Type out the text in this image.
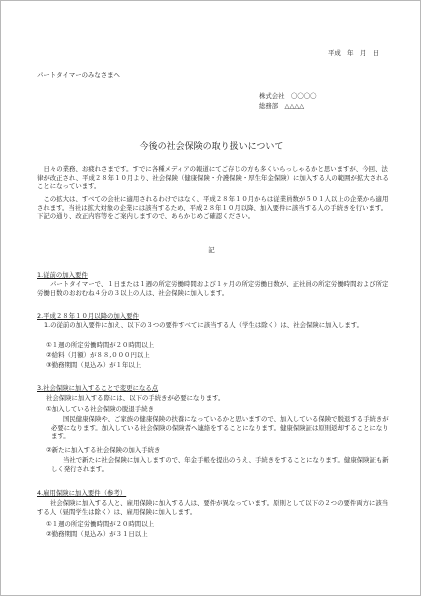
平成　年　月　日
パートタイマーのみなさまへ
株式会社　〇〇〇〇
総務部　△△△△
今後の社会保険の取り扱いについて
日々の業務、お疲れさまです。すでに各種メディアの報道にてご存じの方も多くいらっしゃるかと思いますが、今回、法律が改正され、平成２８年１０月より、社会保険（健康保険・介護保険・厚生年金保険）に加入する人の範囲が拡大されることになっています。
この拡大は、すべての会社に適用されるわけではなく、平成２８年１０月からは従業員数が５０１人以上の企業から適用されます。当社は拡大対象の企業には該当するため、平成２８年１０月以降、加入要件に該当する人の手続きを行います。下記の通り、改正内容等をご案内しますので、あらかじめご確認ください。
記
1.従前の加入要件
パートタイマーで、１日または１週の所定労働時間および１ヶ月の所定労働日数が、正社員の所定労働時間および所定労働日数のおおむね４分の３以上の人は、社会保険に加入します。
2.平成２８年１０月以降の加入要件
1.の従前の加入要件に加え、以下の３つの要件すべてに該当する人（学生は除く）は、社会保険に加入します。
①１週の所定労働時間が２０時間以上
②給料（月額）が８８,０００円以上
③勤務期間（見込み）が１年以上
3.社会保険に加入することで変更になる点
社会保険に加入する際には、以下の手続きが必要になります。
①加入している社会保険の脱退手続き
国民健康保険や、ご家族の健康保険の扶養になっているかと思いますので、加入している保険で脱退する手続きが必要になります。加入している社会保険の保険者へ連絡をすることになります。健康保険証は原則返却することになります。
②新たに加入する社会保険の加入手続き
当社で新たに社会保険に加入しますので、年金手帳を提出のうえ、手続きをすることになります。健康保険証も新しく発行されます。
4.雇用保険に加入要件（参考）
社会保険に加入する人と、雇用保険に加入する人は、要件が異なっています。原則として以下の２つの要件両方に該当する人（昼間学生は除く）は、雇用保険に加入します。
①１週の所定労働時間が２０時間以上
②勤務期間（見込み）が３１日以上
